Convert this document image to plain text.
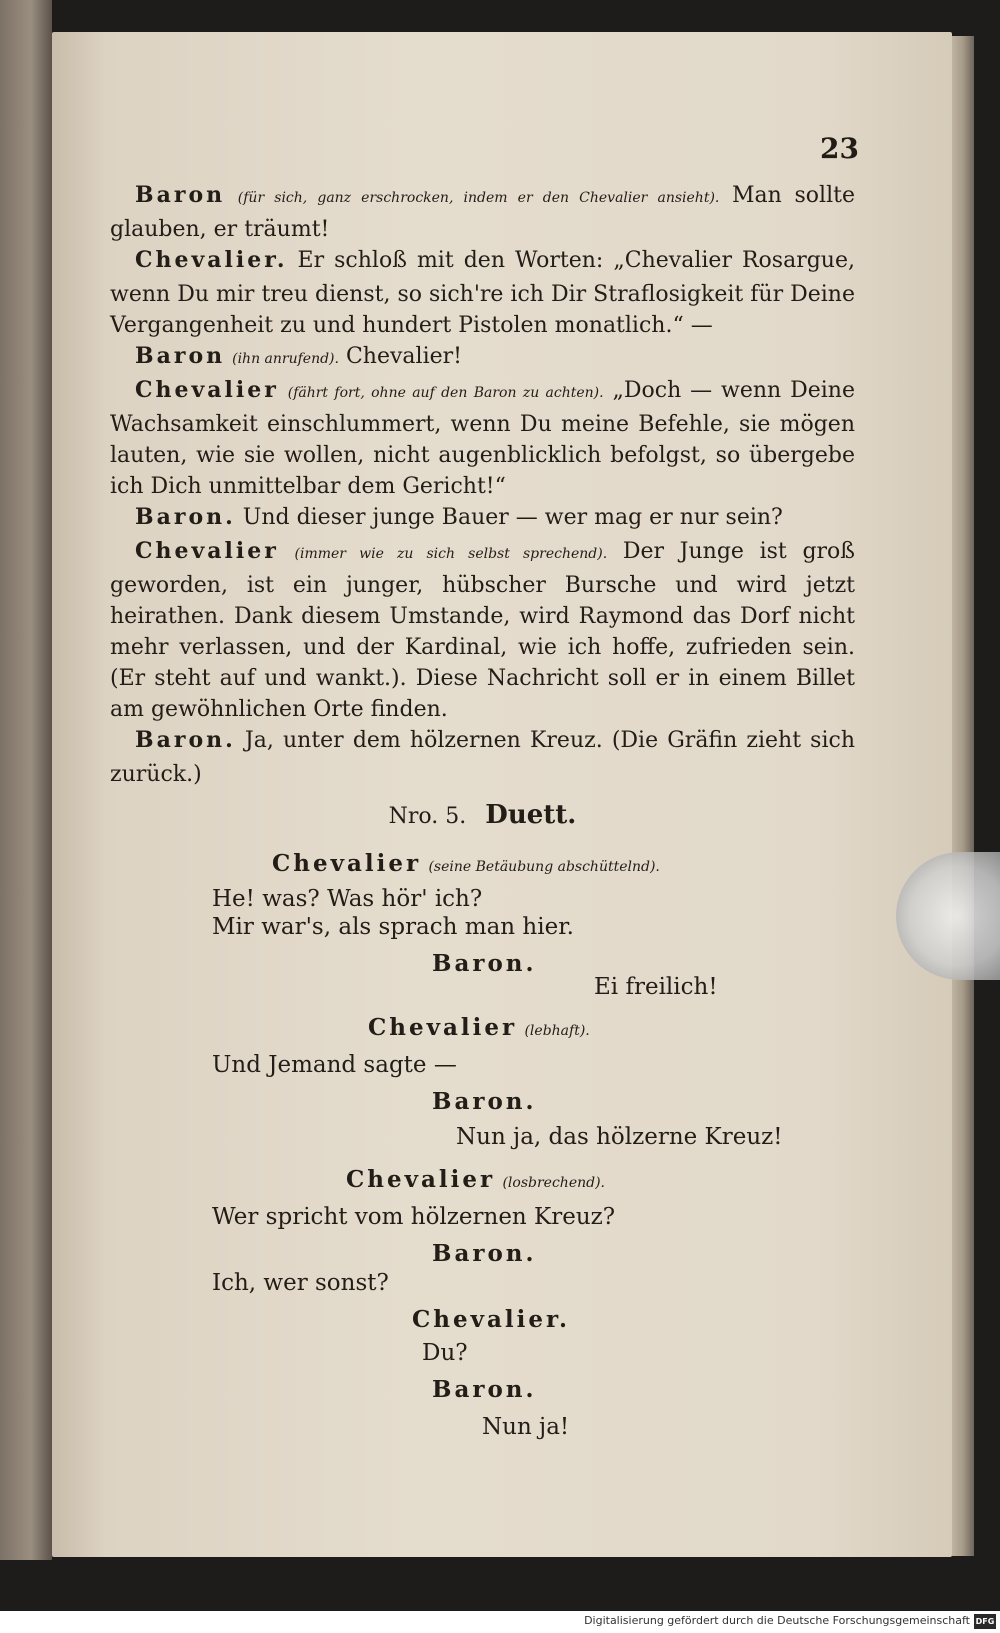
23

Baron (für sich, ganz erschrocken, indem er den Chevalier ansieht). Man sollte glauben, er träumt!

Chevalier. Er schloß mit den Worten: „Chevalier Rosargue, wenn Du mir treu dienst, so sich're ich Dir Straflosigkeit für Deine Vergangenheit zu und hundert Pistolen monatlich.“ —

Baron (ihn anrufend). Chevalier!

Chevalier (fährt fort, ohne auf den Baron zu achten). „Doch — wenn Deine Wachsamkeit einschlummert, wenn Du meine Befehle, sie mögen lauten, wie sie wollen, nicht augenblicklich befolgst, so übergebe ich Dich unmittelbar dem Gericht!“

Baron. Und dieser junge Bauer — wer mag er nur sein?

Chevalier (immer wie zu sich selbst sprechend). Der Junge ist groß geworden, ist ein junger, hübscher Bursche und wird jetzt heirathen. Dank diesem Umstande, wird Raymond das Dorf nicht mehr verlassen, und der Kardinal, wie ich hoffe, zufrieden sein. (Er steht auf und wankt.). Diese Nachricht soll er in einem Billet am gewöhnlichen Orte finden.

Baron. Ja, unter dem hölzernen Kreuz. (Die Gräfin zieht sich zurück.)

Nro. 5. Duett.
Chevalier (seine Betäubung abschüttelnd).
He! was? Was hör' ich?
Mir war's, als sprach man hier.
Baron.
Ei freilich!
Chevalier (lebhaft).
Und Jemand sagte —
Baron.
Nun ja, das hölzerne Kreuz!
Chevalier (losbrechend).
Wer spricht vom hölzernen Kreuz?
Baron.
Ich, wer sonst?
Chevalier.
Du?
Baron.
Nun ja!
Digitalisierung gefördert durch die Deutsche Forschungsgemeinschaft DFG
